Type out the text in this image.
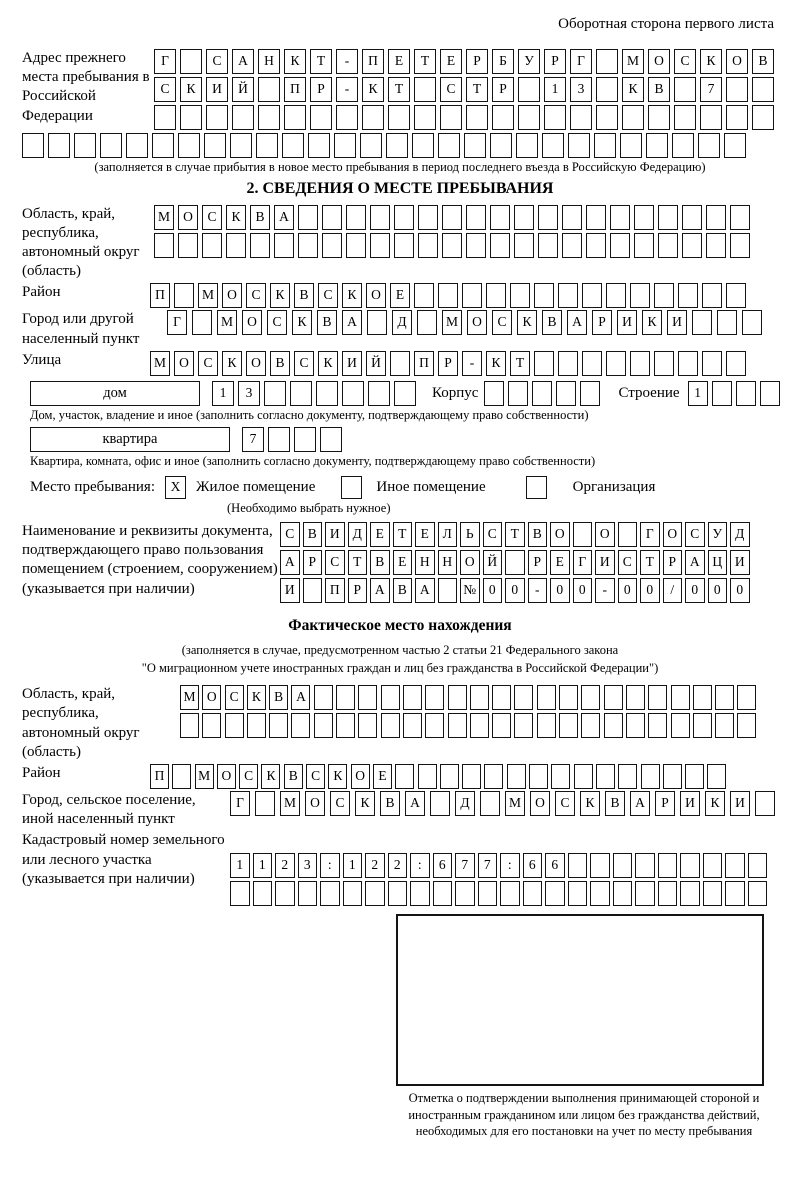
Оборотная сторона первого листа
Адрес прежнего места пребывания в Российской Федерации
Г	С	А	Н	К	Т	-	П	Е	Т	Е	Р	Б	У	Р	Г	М	О	С	К	О	В
С	К	И	Й	П	Р	-	К	Т	С	Т	Р	1	3	К	В	7
(заполняется в случае прибытия в новое место пребывания в период последнего въезда в Российскую Федерацию)
2. СВЕДЕНИЯ О МЕСТЕ ПРЕБЫВАНИЯ
Область, край, республика, автономный округ (область)
М О	С	К	В	А
Район	П	М О	С	К	В	С	К	О	Е
Город или другой населенный пункт
Г	М	О	С	К	В	А	Д	М	О	С	К	В	А	Р	И	К	И
Улица	М О	С	К	О	В	С	К	И	Й	П	Р	-	К	Т
дом	1	3	Корпус	Строение	1
Дом, участок, владение и иное (заполнить согласно документу, подтверждающему право собственности)
квартира	7
Квартира, комната, офис и иное (заполнить согласно документу, подтверждающему право собственности)
Место пребывания:	X	Жилое помещение	Иное помещение	Организация
(Необходимо выбрать нужное)
Наименование и реквизиты документа, подтверждающего право пользования помещением (строением, сооружением) (указывается при наличии)
С В И Д	Е	Т	Е	Л	Ь	С	Т	В О	О	Г	О С У Д
А	Р	С	Т	В	Е	Н Н О Й	Р	Е	Г	И С	Т	Р	А Ц И
И	П	Р	А В А	№ 0	0	-	0	0	-	0	0	/	0	0	0
Фактическое место нахождения
(заполняется в случае, предусмотренном частью 2 статьи 21 Федерального закона
"О миграционном учете иностранных граждан и лиц без гражданства в Российской Федерации")
Область, край, республика, автономный округ (область)
М О С К В А
Район	П	М О С К В С К О Е
Город, сельское поселение, иной населенный пункт
Г	М	О	С	К	В	А	Д	М	О	С	К	В	А	Р	И	К	И
Кадастровый номер земельного или лесного участка (указывается при наличии)
1	1	2	3	:	1	2	2	:	6	7	7	:	6	6
Отметка о подтверждении выполнения принимающей стороной и иностранным гражданином или лицом без гражданства действий, необходимых для его постановки на учет по месту пребывания
